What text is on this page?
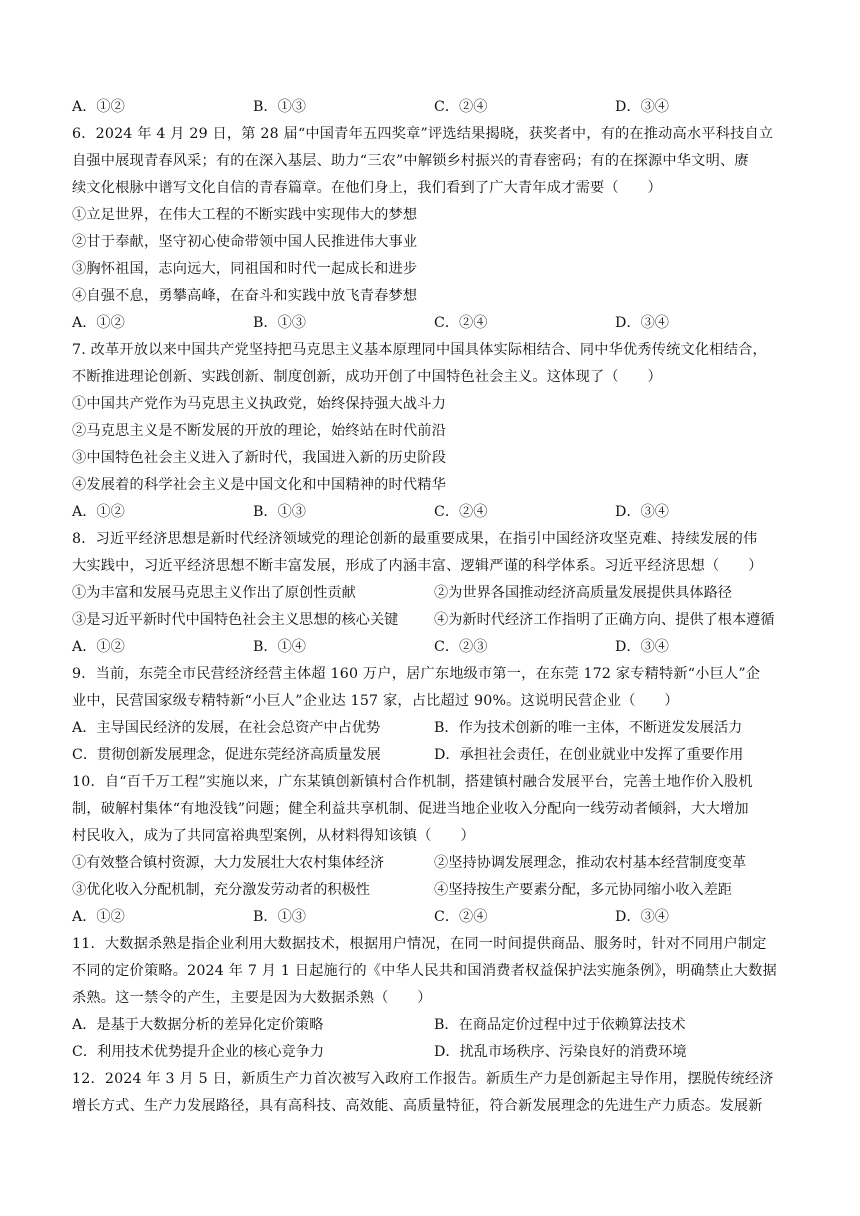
A．①②	B．①③	C．②④	D．③④
6．2024 年 4 月 29 日，第 28 届“中国青年五四奖章”评选结果揭晓，获奖者中，有的在推动高水平科技自立
自强中展现青春风采；有的在深入基层、助力“三农”中解锁乡村振兴的青春密码；有的在探源中华文明、赓
续文化根脉中谱写文化自信的青春篇章。在他们身上，我们看到了广大青年成才需要（　　）
①立足世界，在伟大工程的不断实践中实现伟大的梦想
②甘于奉献，坚守初心使命带领中国人民推进伟大事业
③胸怀祖国，志向远大，同祖国和时代一起成长和进步
④自强不息，勇攀高峰，在奋斗和实践中放飞青春梦想
A．①②	B．①③	C．②④	D．③④
7. 改革开放以来中国共产党坚持把马克思主义基本原理同中国具体实际相结合、同中华优秀传统文化相结合，
不断推进理论创新、实践创新、制度创新，成功开创了中国特色社会主义。这体现了（　　）
①中国共产党作为马克思主义执政党，始终保持强大战斗力
②马克思主义是不断发展的开放的理论，始终站在时代前沿
③中国特色社会主义进入了新时代，我国进入新的历史阶段
④发展着的科学社会主义是中国文化和中国精神的时代精华
A．①②	B．①③	C．②④	D．③④
8．习近平经济思想是新时代经济领域党的理论创新的最重要成果，在指引中国经济攻坚克难、持续发展的伟
大实践中，习近平经济思想不断丰富发展，形成了内涵丰富、逻辑严谨的科学体系。习近平经济思想（　　）
①为丰富和发展马克思主义作出了原创性贡献	②为世界各国推动经济高质量发展提供具体路径
③是习近平新时代中国特色社会主义思想的核心关键	④为新时代经济工作指明了正确方向、提供了根本遵循
A．①②	B．①④	C．②③	D．③④
9．当前，东莞全市民营经济经营主体超 160 万户，居广东地级市第一，在东莞 172 家专精特新“小巨人”企
业中，民营国家级专精特新“小巨人”企业达 157 家，占比超过 90%。这说明民营企业（　　）
A．主导国民经济的发展，在社会总资产中占优势	B．作为技术创新的唯一主体，不断迸发发展活力
C．贯彻创新发展理念，促进东莞经济高质量发展	D．承担社会责任，在创业就业中发挥了重要作用
10．自“百千万工程”实施以来，广东某镇创新镇村合作机制，搭建镇村融合发展平台，完善土地作价入股机
制，破解村集体“有地没钱”问题；健全利益共享机制、促进当地企业收入分配向一线劳动者倾斜，大大增加
村民收入，成为了共同富裕典型案例，从材料得知该镇（　　）
①有效整合镇村资源，大力发展壮大农村集体经济	②坚持协调发展理念，推动农村基本经营制度变革
③优化收入分配机制，充分激发劳动者的积极性	④坚持按生产要素分配，多元协同缩小收入差距
A．①②	B．①③	C．②④	D．③④
11．大数据杀熟是指企业利用大数据技术，根据用户情况，在同一时间提供商品、服务时，针对不同用户制定
不同的定价策略。2024 年 7 月 1 日起施行的《中华人民共和国消费者权益保护法实施条例》，明确禁止大数据
杀熟。这一禁令的产生，主要是因为大数据杀熟（　　）
A．是基于大数据分析的差异化定价策略	B．在商品定价过程中过于依赖算法技术
C．利用技术优势提升企业的核心竞争力	D．扰乱市场秩序、污染良好的消费环境
12．2024 年 3 月 5 日，新质生产力首次被写入政府工作报告。新质生产力是创新起主导作用，摆脱传统经济
增长方式、生产力发展路径，具有高科技、高效能、高质量特征，符合新发展理念的先进生产力质态。发展新
